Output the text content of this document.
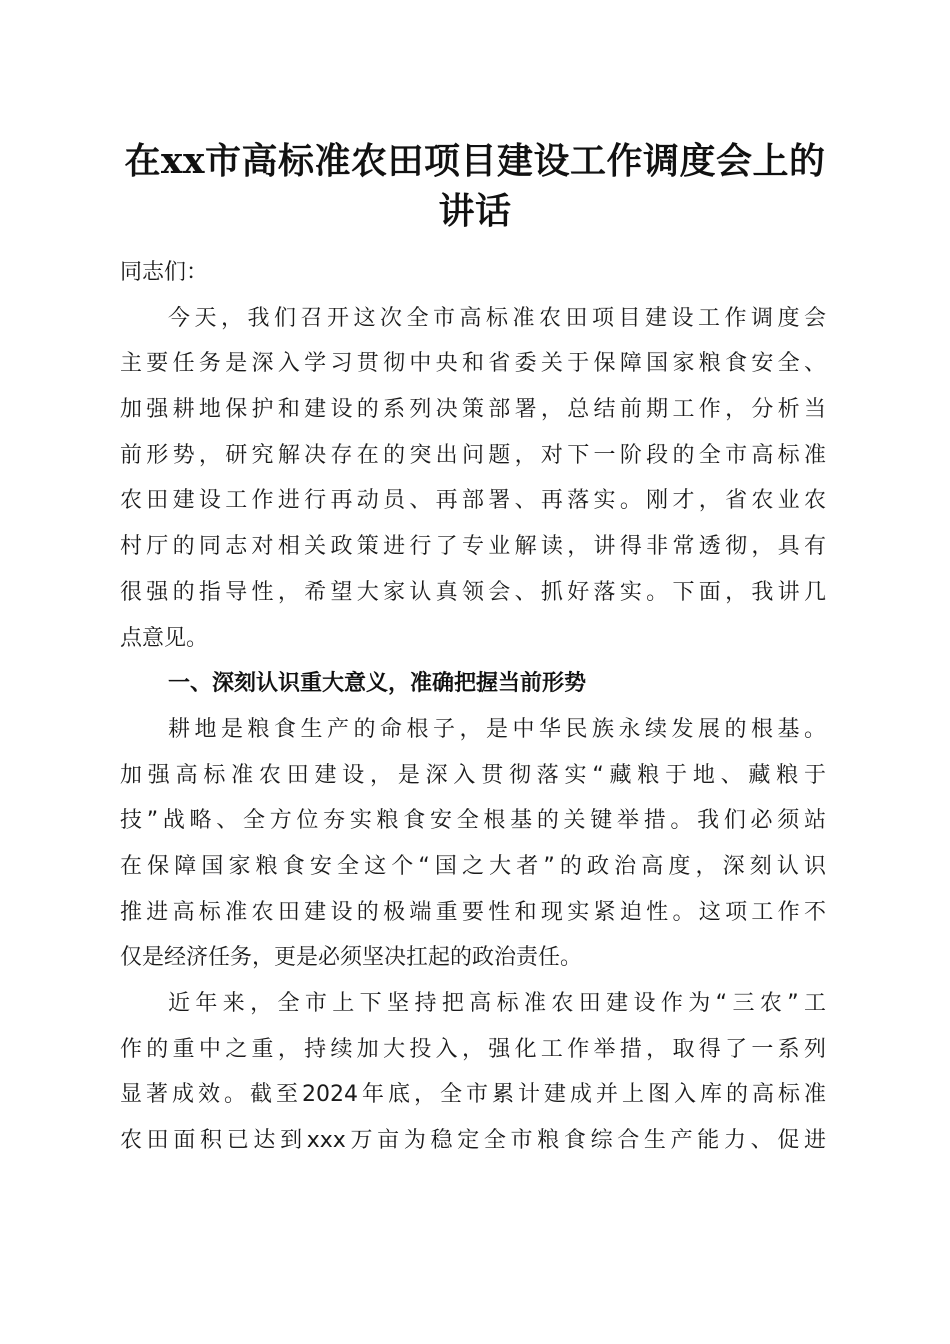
在xx市高标准农田项目建设工作调度会上的
讲话
同志们：
今天，我们召开这次全市高标准农田项目建设工作调度会
主要任务是深入学习贯彻中央和省委关于保障国家粮食安全、
加强耕地保护和建设的系列决策部署，总结前期工作，分析当
前形势，研究解决存在的突出问题，对下一阶段的全市高标准
农田建设工作进行再动员、再部署、再落实。刚才，省农业农
村厅的同志对相关政策进行了专业解读，讲得非常透彻，具有
很强的指导性，希望大家认真领会、抓好落实。下面，我讲几
点意见。
一、深刻认识重大意义，准确把握当前形势
耕地是粮食生产的命根子，是中华民族永续发展的根基。
加强高标准农田建设，是深入贯彻落实“藏粮于地、藏粮于
技”战略、全方位夯实粮食安全根基的关键举措。我们必须站
在保障国家粮食安全这个“国之大者”的政治高度，深刻认识
推进高标准农田建设的极端重要性和现实紧迫性。这项工作不
仅是经济任务，更是必须坚决扛起的政治责任。
近年来，全市上下坚持把高标准农田建设作为“三农”工
作的重中之重，持续加大投入，强化工作举措，取得了一系列
显著成效。截至2024年底，全市累计建成并上图入库的高标准
农田面积已达到xxx万亩为稳定全市粮食综合生产能力、促进
